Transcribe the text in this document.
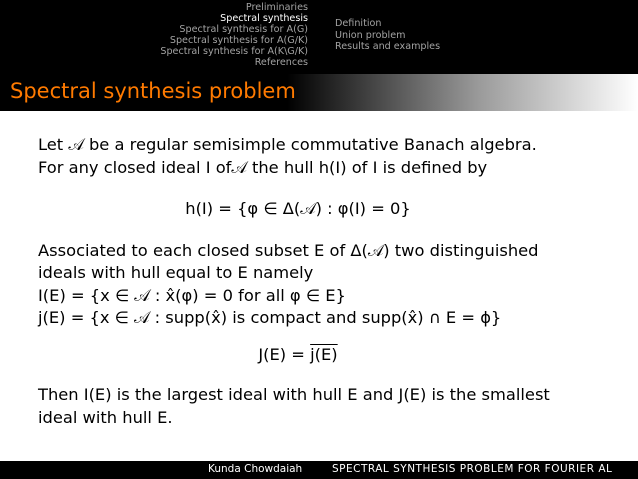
Preliminaries
Spectral synthesis
Spectral synthesis for A(G)
Spectral synthesis for A(G/K)
Spectral synthesis for A(K\G/K)
References
Definition
Union problem
Results and examples
Spectral synthesis problem
Let 𝒜 be a regular semisimple commutative Banach algebra.
For any closed ideal I of𝒜 the hull h(I) of I is defined by
h(I) = {φ ∈ Δ(𝒜) : φ(I) = 0}
Associated to each closed subset E of Δ(𝒜) two distinguished
ideals with hull equal to E namely
I(E) = {x ∈ 𝒜 : x̂(φ) = 0 for all φ ∈ E}
j(E) = {x ∈ 𝒜 : supp(x̂) is compact and supp(x̂) ∩ E = ϕ}
J(E) = j(E)
Then I(E) is the largest ideal with hull E and J(E) is the smallest
ideal with hull E.
Kunda Chowdaiah	SPECTRAL SYNTHESIS PROBLEM FOR FOURIER AL
